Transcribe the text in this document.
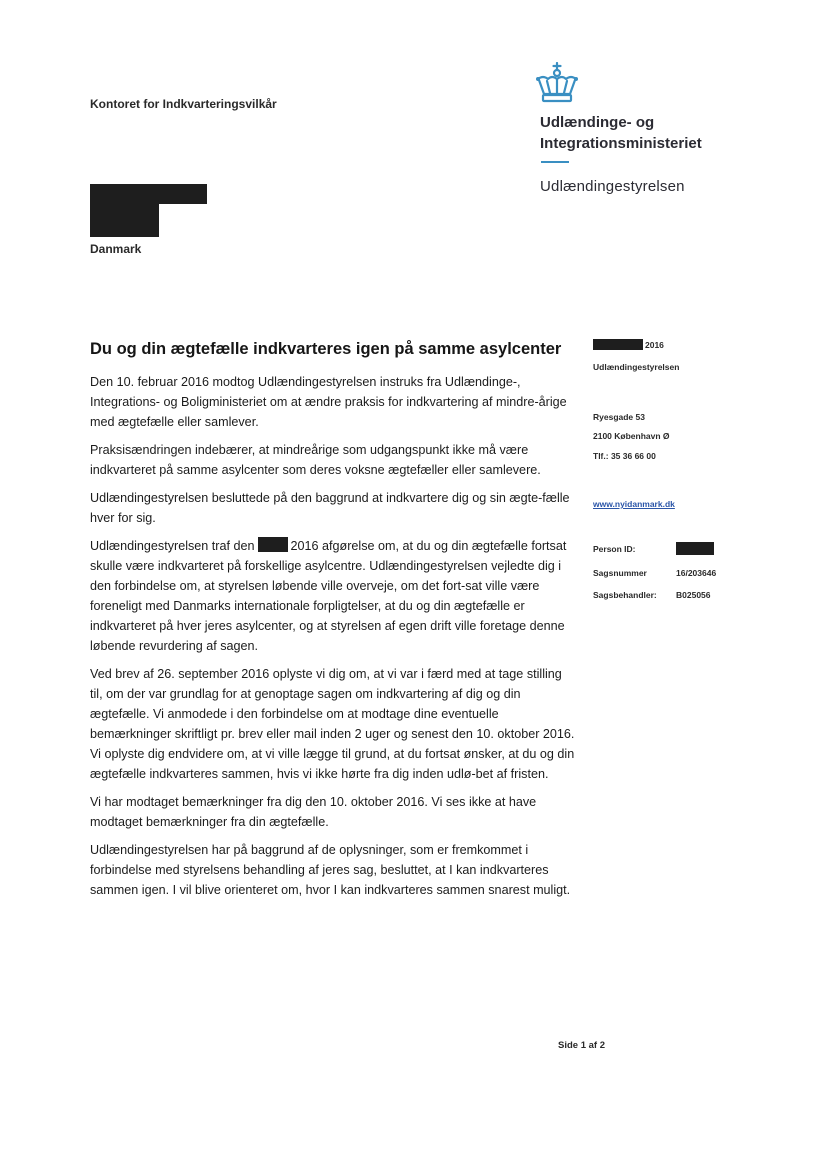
Kontoret for Indkvarteringsvilkår
Udlændinge- og
Integrationsministeriet
Udlændingestyrelsen
Danmark
Du og din ægtefælle indkvarteres igen på samme asylcenter

Den 10. februar 2016 modtog Udlændingestyrelsen instruks fra Udlændinge-, Integrations- og Boligministeriet om at ændre praksis for indkvartering af mindre-årige med ægtefælle eller samlever.

Praksisændringen indebærer, at mindreårige som udgangspunkt ikke må være indkvarteret på samme asylcenter som deres voksne ægtefæller eller samlevere.

Udlændingestyrelsen besluttede på den baggrund at indkvartere dig og sin ægte-fælle hver for sig.

Udlændingestyrelsen traf den	2016 afgørelse om, at du og din ægtefælle fortsat skulle være indkvarteret på forskellige asylcentre. Udlændingestyrelsen vejledte dig i den forbindelse om, at styrelsen løbende ville overveje, om det fort-sat ville være foreneligt med Danmarks internationale forpligtelser, at du og din ægtefælle er indkvarteret på hver jeres asylcenter, og at styrelsen af egen drift ville foretage denne løbende revurdering af sagen.

Ved brev af 26. september 2016 oplyste vi dig om, at vi var i færd med at tage stilling til, om der var grundlag for at genoptage sagen om indkvartering af dig og din ægtefælle. Vi anmodede i den forbindelse om at modtage dine eventuelle bemærkninger skriftligt pr. brev eller mail inden 2 uger og senest den 10. oktober 2016. Vi oplyste dig endvidere om, at vi ville lægge til grund, at du fortsat ønsker, at du og din ægtefælle indkvarteres sammen, hvis vi ikke hørte fra dig inden udlø-bet af fristen.

Vi har modtaget bemærkninger fra dig den 10. oktober 2016. Vi ses ikke at have modtaget bemærkninger fra din ægtefælle.

Udlændingestyrelsen har på baggrund af de oplysninger, som er fremkommet i forbindelse med styrelsens behandling af jeres sag, besluttet, at I kan indkvarteres sammen igen. I vil blive orienteret om, hvor I kan indkvarteres sammen snarest muligt.

2016
Udlændingestyrelsen
Ryesgade 53
2100 København Ø
Tlf.: 35 36 66 00
www.nyidanmark.dk
Person ID:
Sagsnummer	16/203646
Sagsbehandler: B025056
Side 1 af 2
